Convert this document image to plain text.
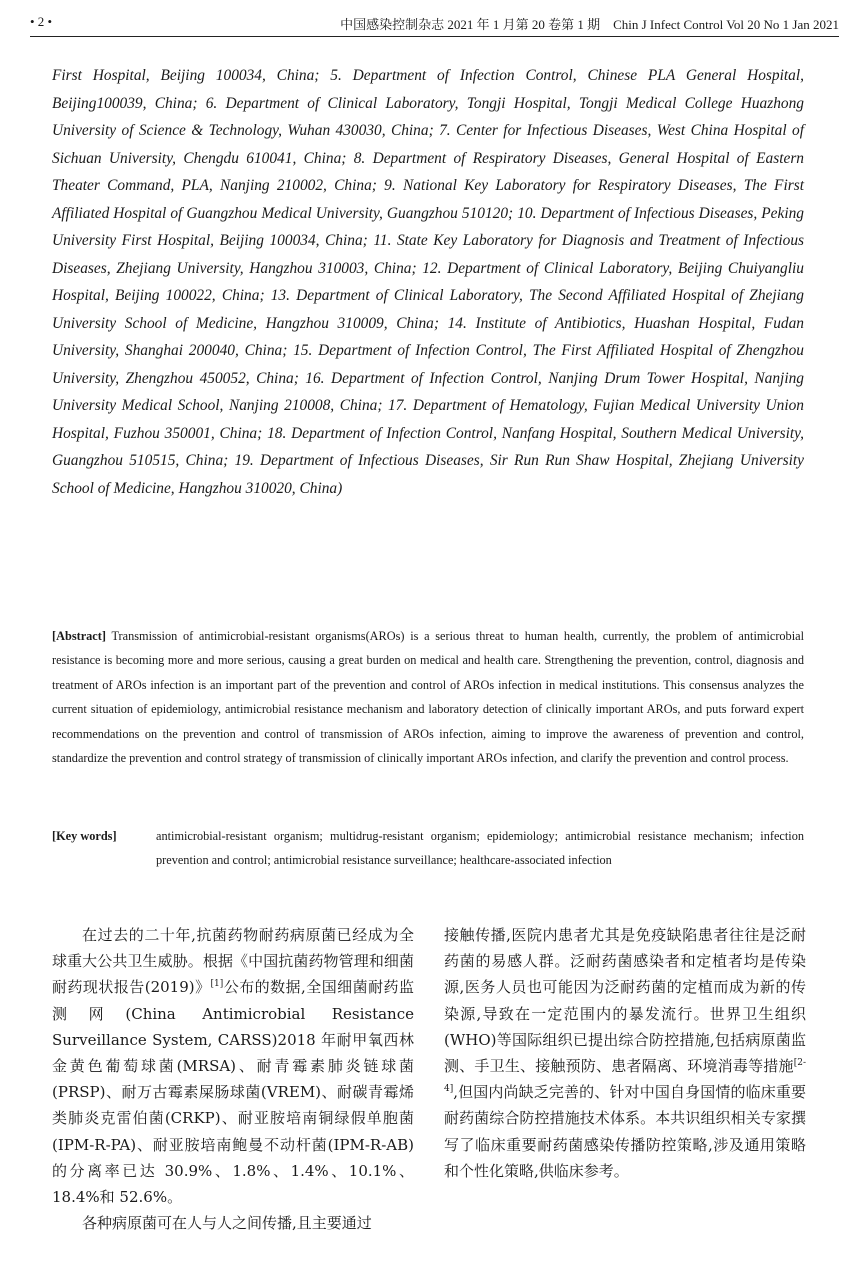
• 2 •	中国感染控制杂志 2021 年 1 月第 20 卷第 1 期　Chin J Infect Control Vol 20 No 1 Jan 2021
First Hospital, Beijing 100034, China; 5. Department of Infection Control, Chinese PLA General Hospital, Beijing100039, China; 6. Department of Clinical Laboratory, Tongji Hospital, Tongji Medical College Huazhong University of Science & Technology, Wuhan 430030, China; 7. Center for Infectious Diseases, West China Hospital of Sichuan University, Chengdu 610041, China; 8. Department of Respiratory Diseases, General Hospital of Eastern Theater Command, PLA, Nanjing 210002, China; 9. National Key Laboratory for Respiratory Diseases, The First Affiliated Hospital of Guangzhou Medical University, Guangzhou 510120; 10. Department of Infectious Diseases, Peking University First Hospital, Beijing 100034, China; 11. State Key Laboratory for Diagnosis and Treatment of Infectious Diseases, Zhejiang University, Hangzhou 310003, China; 12. Department of Clinical Laboratory, Beijing Chuiyangliu Hospital, Beijing 100022, China; 13. Department of Clinical Laboratory, The Second Affiliated Hospital of Zhejiang University School of Medicine, Hangzhou 310009, China; 14. Institute of Antibiotics, Huashan Hospital, Fudan University, Shanghai 200040, China; 15. Department of Infection Control, The First Affiliated Hospital of Zhengzhou University, Zhengzhou 450052, China; 16. Department of Infection Control, Nanjing Drum Tower Hospital, Nanjing University Medical School, Nanjing 210008, China; 17. Department of Hematology, Fujian Medical University Union Hospital, Fuzhou 350001, China; 18. Department of Infection Control, Nanfang Hospital, Southern Medical University, Guangzhou 510515, China; 19. Department of Infectious Diseases, Sir Run Run Shaw Hospital, Zhejiang University School of Medicine, Hangzhou 310020, China)
[Abstract] Transmission of antimicrobial-resistant organisms(AROs) is a serious threat to human health, currently, the problem of antimicrobial resistance is becoming more and more serious, causing a great burden on medical and health care. Strengthening the prevention, control, diagnosis and treatment of AROs infection is an important part of the prevention and control of AROs infection in medical institutions. This consensus analyzes the current situation of epidemiology, antimicrobial resistance mechanism and laboratory detection of clinically important AROs, and puts forward expert recommendations on the prevention and control of transmission of AROs infection, aiming to improve the awareness of prevention and control, standardize the prevention and control strategy of transmission of clinically important AROs infection, and clarify the prevention and control process.
[Key words]	antimicrobial-resistant organism; multidrug-resistant organism; epidemiology; antimicrobial resistance mechanism; infection prevention and control; antimicrobial resistance surveillance; healthcare-associated infection

在过去的二十年,抗菌药物耐药病原菌已经成为全球重大公共卫生威胁。根据《中国抗菌药物管理和细菌耐药现状报告(2019)》[1]公布的数据,全国细菌耐药监测网(China Antimicrobial Resistance Surveillance System, CARSS)2018 年耐甲氧西林金黄色葡萄球菌(MRSA)、耐青霉素肺炎链球菌(PRSP)、耐万古霉素屎肠球菌(VREM)、耐碳青霉烯类肺炎克雷伯菌(CRKP)、耐亚胺培南铜绿假单胞菌(IPM-R-PA)、耐亚胺培南鲍曼不动杆菌(IPM-R-AB)的分离率已达 30.9%、1.8%、1.4%、10.1%、18.4%和 52.6%。

各种病原菌可在人与人之间传播,且主要通过

接触传播,医院内患者尤其是免疫缺陷患者往往是泛耐药菌的易感人群。泛耐药菌感染者和定植者均是传染源,医务人员也可能因为泛耐药菌的定植而成为新的传染源,导致在一定范围内的暴发流行。世界卫生组织(WHO)等国际组织已提出综合防控措施,包括病原菌监测、手卫生、接触预防、患者隔离、环境消毒等措施[2-4],但国内尚缺乏完善的、针对中国自身国情的临床重要耐药菌综合防控措施技术体系。本共识组织相关专家撰写了临床重要耐药菌感染传播防控策略,涉及通用策略和个性化策略,供临床参考。
